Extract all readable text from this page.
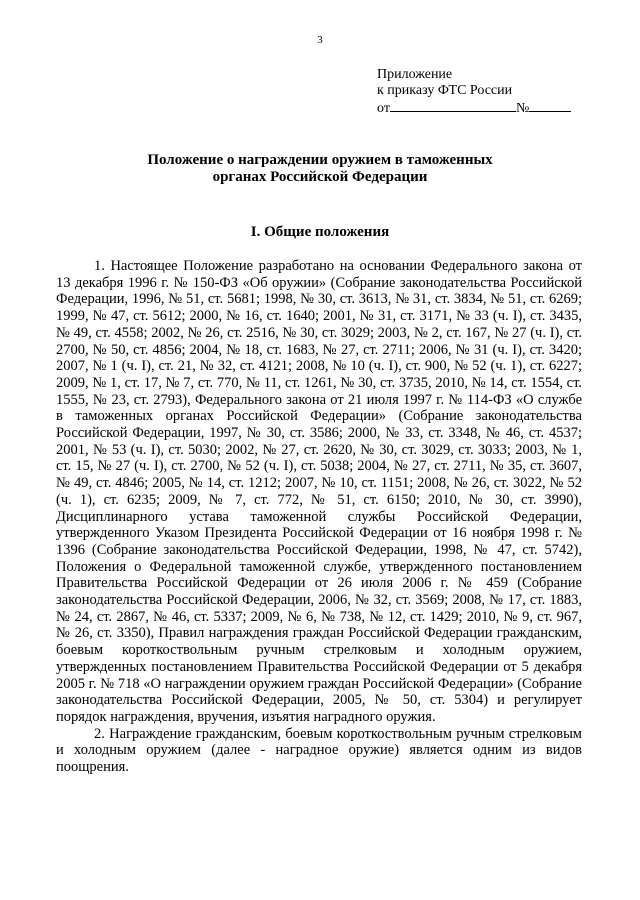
3
Приложение
к приказу ФТС России
от	№
Положение о награждении оружием в таможенных органах Российской Федерации
I. Общие положения

1. Настоящее Положение разработано на основании Федерального закона от 13 декабря 1996 г. № 150-ФЗ «Об оружии» (Собрание законодательства Российской Федерации, 1996, № 51, ст. 5681; 1998, № 30, ст. 3613, № 31, ст. 3834, № 51, ст. 6269; 1999, № 47, ст. 5612; 2000, № 16, ст. 1640; 2001, № 31, ст. 3171, № 33 (ч. I), ст. 3435, № 49, ст. 4558; 2002, № 26, ст. 2516, № 30, ст. 3029; 2003, № 2, ст. 167, № 27 (ч. I), ст. 2700, № 50, ст. 4856; 2004, № 18, ст. 1683, № 27, ст. 2711; 2006, № 31 (ч. I), ст. 3420; 2007, № 1 (ч. I), ст. 21, № 32, ст. 4121; 2008, № 10 (ч. I), ст. 900, № 52 (ч. 1), ст. 6227; 2009, № 1, ст. 17, № 7, ст. 770, № 11, ст. 1261, № 30, ст. 3735, 2010, № 14, ст. 1554, ст. 1555, № 23, ст. 2793), Федерального закона от 21 июля 1997 г. № 114-ФЗ «О службе в таможенных органах Российской Федерации» (Собрание законодательства Российской Федерации, 1997, № 30, ст. 3586; 2000, № 33, ст. 3348, № 46, ст. 4537; 2001, № 53 (ч. I), ст. 5030; 2002, № 27, ст. 2620, № 30, ст. 3029, ст. 3033; 2003, № 1, ст. 15, № 27 (ч. I), ст. 2700, № 52 (ч. I), ст. 5038; 2004, № 27, ст. 2711, № 35, ст. 3607, № 49, ст. 4846; 2005, № 14, ст. 1212; 2007, № 10, ст. 1151; 2008, № 26, ст. 3022, № 52 (ч. 1), ст. 6235; 2009, № 7, ст. 772, № 51, ст. 6150; 2010, № 30, ст. 3990), Дисциплинарного устава таможенной службы Российской Федерации, утвержденного Указом Президента Российской Федерации от 16 ноября 1998 г. № 1396 (Собрание законодательства Российской Федерации, 1998, № 47, ст. 5742), Положения о Федеральной таможенной службе, утвержденного постановлением Правительства Российской Федерации от 26 июля 2006 г. № 459 (Собрание законодательства Российской Федерации, 2006, № 32, ст. 3569; 2008, № 17, ст. 1883, № 24, ст. 2867, № 46, ст. 5337; 2009, № 6, № 738, № 12, ст. 1429; 2010, № 9, ст. 967, № 26, ст. 3350), Правил награждения граждан Российской Федерации гражданским, боевым короткоствольным ручным стрелковым и холодным оружием, утвержденных постановлением Правительства Российской Федерации от 5 декабря 2005 г. № 718 «О награждении оружием граждан Российской Федерации» (Собрание законодательства Российской Федерации, 2005, № 50, ст. 5304) и регулирует порядок награждения, вручения, изъятия наградного оружия.

2. Награждение гражданским, боевым короткоствольным ручным стрелковым и холодным оружием (далее - наградное оружие) является одним из видов поощрения.
